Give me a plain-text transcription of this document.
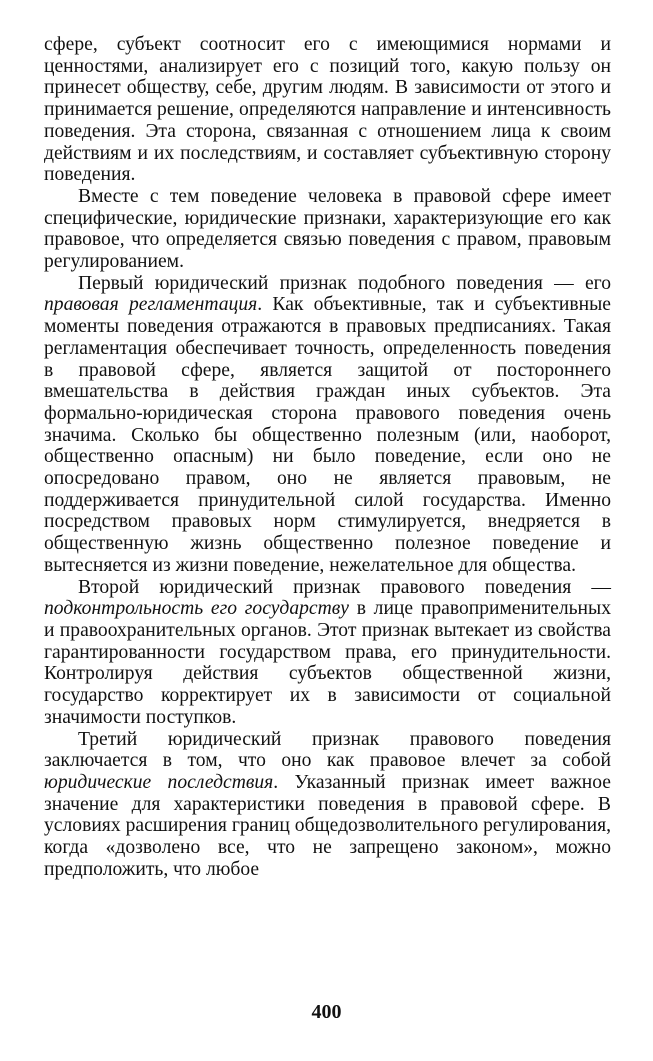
сфере, субъект соотносит его с имеющимися нормами и ценностями, анализирует его с позиций того, какую пользу он принесет обществу, себе, другим людям. В зависимости от этого и принимается решение, определяются направление и интенсивность поведения. Эта сторона, связанная с отношением лица к своим действиям и их последствиям, и составляет субъективную сторону поведения.

Вместе с тем поведение человека в правовой сфере имеет специфические, юридические признаки, характеризующие его как правовое, что определяется связью поведения с правом, правовым регулированием.

Первый юридический признак подобного поведения — его правовая регламентация. Как объективные, так и субъективные моменты поведения отражаются в правовых предписаниях. Такая регламентация обеспечивает точность, определенность поведения в правовой сфере, является защитой от постороннего вмешательства в действия граждан иных субъектов. Эта формально-юридическая сторона правового поведения очень значима. Сколько бы общественно полезным (или, наоборот, общественно опасным) ни было поведение, если оно не опосредовано правом, оно не является правовым, не поддерживается принудительной силой государства. Именно посредством правовых норм стимулируется, внедряется в общественную жизнь общественно полезное поведение и вытесняется из жизни поведение, нежелательное для общества.

Второй юридический признак правового поведения — подконтрольность его государству в лице правоприменительных и правоохранительных органов. Этот признак вытекает из свойства гарантированности государством права, его принудительности. Контролируя действия субъектов общественной жизни, государство корректирует их в зависимости от социальной значимости поступков.

Третий юридический признак правового поведения заключается в том, что оно как правовое влечет за собой юридические последствия. Указанный признак имеет важное значение для характеристики поведения в правовой сфере. В условиях расширения границ общедозволительного регулирования, когда «дозволено все, что не запрещено законом», можно предположить, что любое

400
